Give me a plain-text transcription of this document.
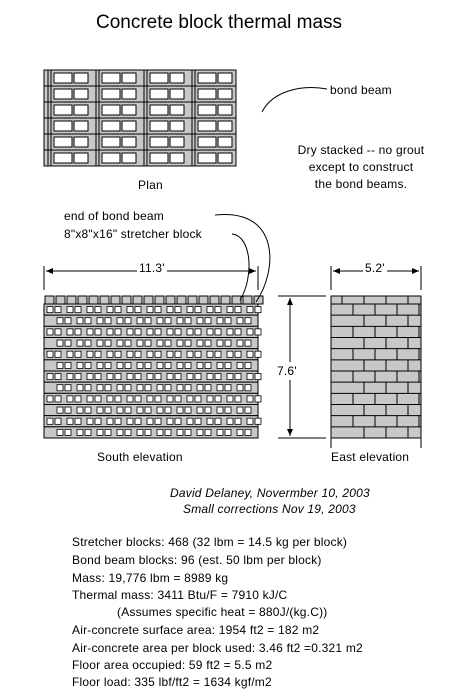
Concrete block thermal mass
Plan
bond beam
Dry stacked -- no grout
except to construct
the bond beams.
end of bond beam
8"x8"x16" stretcher block
11.3'	5.2'
7.6'
South elevation	East elevation
David Delaney, Novermber 10, 2003
Small corrections Nov 19, 2003
Stretcher blocks: 468 (32 lbm = 14.5 kg per block)
Bond beam blocks: 96 (est. 50 lbm per block)
Mass: 19,776 lbm = 8989 kg
Thermal mass: 3411 Btu/F = 7910 kJ/C
(Assumes specific heat = 880J/(kg.C))
Air-concrete surface area: 1954 ft2 = 182 m2
Air-concrete area per block used: 3.46 ft2 =0.321 m2
Floor area occupied: 59 ft2 = 5.5 m2
Floor load: 335 lbf/ft2 = 1634 kgf/m2
